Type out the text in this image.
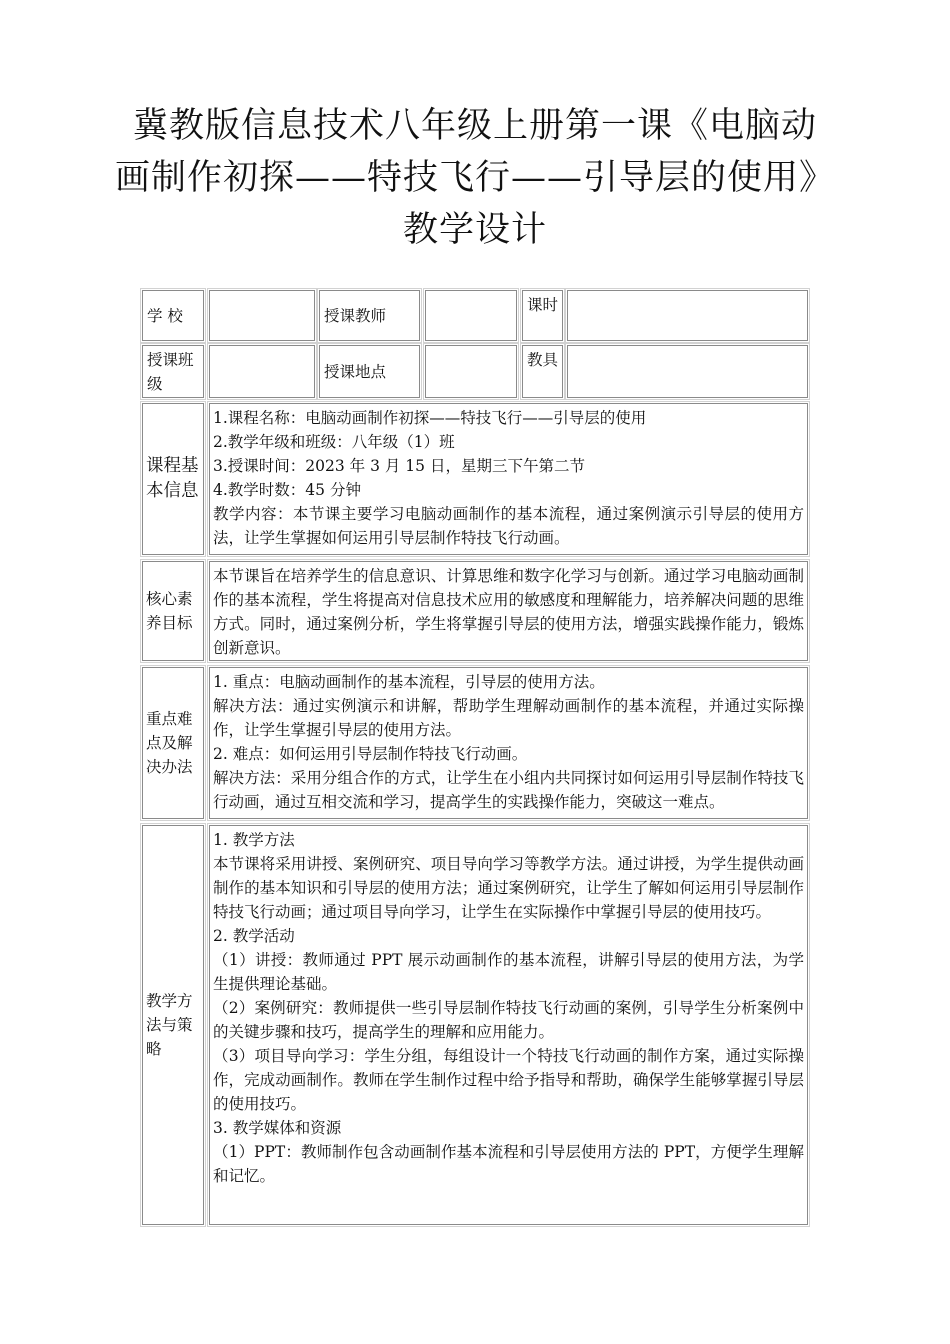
冀教版信息技术八年级上册第一课《电脑动
画制作初探——特技飞行——引导层的使用》
教学设计
学 校	授课教师
课时
授课班级
授课地点
教具
课程基本信息

1.课程名称：电脑动画制作初探——特技飞行——引导层的使用

2.教学年级和班级：八年级（1）班

3.授课时间：2023 年 3 月 15 日，星期三下午第二节

4.教学时数：45 分钟

教学内容：本节课主要学习电脑动画制作的基本流程，通过案例演示引导层的使用方法，让学生掌握如何运用引导层制作特技飞行动画。

核心素养目标

本节课旨在培养学生的信息意识、计算思维和数字化学习与创新。通过学习电脑动画制作的基本流程，学生将提高对信息技术应用的敏感度和理解能力，培养解决问题的思维方式。同时，通过案例分析，学生将掌握引导层的使用方法，增强实践操作能力，锻炼创新意识。

重点难点及解决办法

1. 重点：电脑动画制作的基本流程，引导层的使用方法。

解决方法：通过实例演示和讲解，帮助学生理解动画制作的基本流程，并通过实际操作，让学生掌握引导层的使用方法。

2. 难点：如何运用引导层制作特技飞行动画。

解决方法：采用分组合作的方式，让学生在小组内共同探讨如何运用引导层制作特技飞行动画，通过互相交流和学习，提高学生的实践操作能力，突破这一难点。

教学方法与策略

1. 教学方法

本节课将采用讲授、案例研究、项目导向学习等教学方法。通过讲授，为学生提供动画制作的基本知识和引导层的使用方法；通过案例研究，让学生了解如何运用引导层制作特技飞行动画；通过项目导向学习，让学生在实际操作中掌握引导层的使用技巧。

2. 教学活动

（1）讲授：教师通过 PPT 展示动画制作的基本流程，讲解引导层的使用方法，为学生提供理论基础。

（2）案例研究：教师提供一些引导层制作特技飞行动画的案例，引导学生分析案例中的关键步骤和技巧，提高学生的理解和应用能力。

（3）项目导向学习：学生分组，每组设计一个特技飞行动画的制作方案，通过实际操作，完成动画制作。教师在学生制作过程中给予指导和帮助，确保学生能够掌握引导层的使用技巧。

3. 教学媒体和资源

（1）PPT：教师制作包含动画制作基本流程和引导层使用方法的 PPT，方便学生理解和记忆。
